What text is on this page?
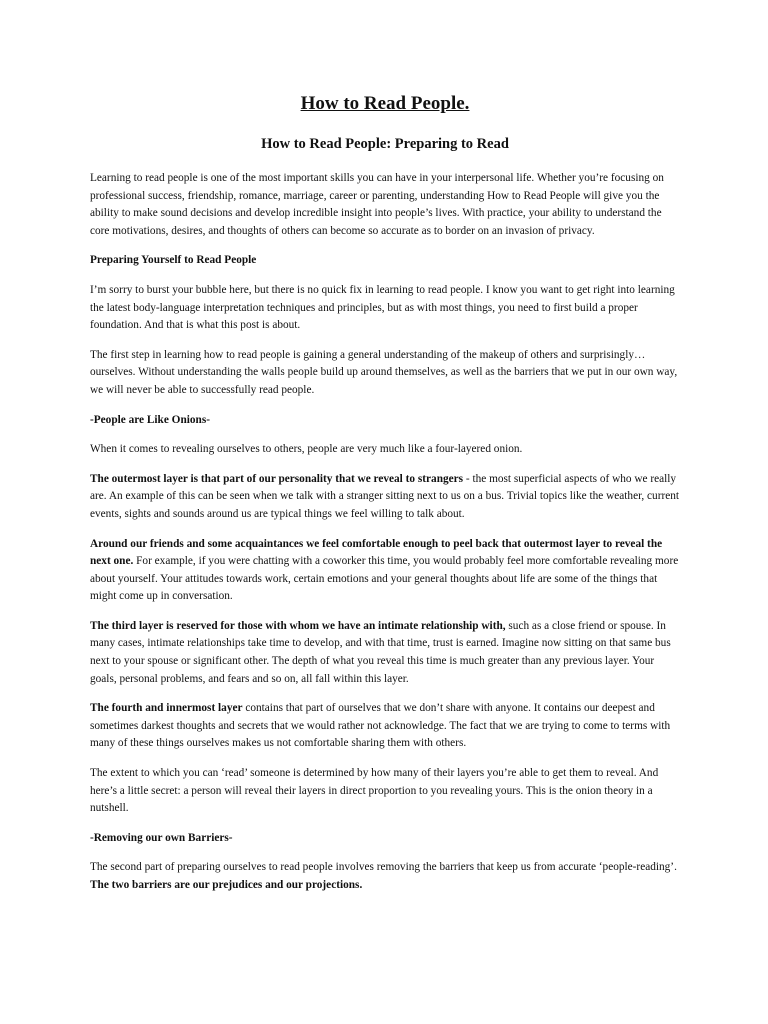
How to Read People.
How to Read People: Preparing to Read

Learning to read people is one of the most important skills you can have in your interpersonal life. Whether you’re focusing on professional success, friendship, romance, marriage, career or parenting, understanding How to Read People will give you the ability to make sound decisions and develop incredible insight into people’s lives. With practice, your ability to understand the core motivations, desires, and thoughts of others can become so accurate as to border on an invasion of privacy.

Preparing Yourself to Read People

I’m sorry to burst your bubble here, but there is no quick fix in learning to read people. I know you want to get right into learning the latest body-language interpretation techniques and principles, but as with most things, you need to first build a proper foundation. And that is what this post is about.

The first step in learning how to read people is gaining a general understanding of the makeup of others and surprisingly… ourselves. Without understanding the walls people build up around themselves, as well as the barriers that we put in our own way, we will never be able to successfully read people.

-People are Like Onions-

When it comes to revealing ourselves to others, people are very much like a four-layered onion.

The outermost layer is that part of our personality that we reveal to strangers - the most superficial aspects of who we really are. An example of this can be seen when we talk with a stranger sitting next to us on a bus. Trivial topics like the weather, current events, sights and sounds around us are typical things we feel willing to talk about.

Around our friends and some acquaintances we feel comfortable enough to peel back that outermost layer to reveal the next one. For example, if you were chatting with a coworker this time, you would probably feel more comfortable revealing more about yourself. Your attitudes towards work, certain emotions and your general thoughts about life are some of the things that might come up in conversation.

The third layer is reserved for those with whom we have an intimate relationship with, such as a close friend or spouse. In many cases, intimate relationships take time to develop, and with that time, trust is earned. Imagine now sitting on that same bus next to your spouse or significant other. The depth of what you reveal this time is much greater than any previous layer. Your goals, personal problems, and fears and so on, all fall within this layer.

The fourth and innermost layer contains that part of ourselves that we don’t share with anyone. It contains our deepest and sometimes darkest thoughts and secrets that we would rather not acknowledge. The fact that we are trying to come to terms with many of these things ourselves makes us not comfortable sharing them with others.

The extent to which you can ‘read’ someone is determined by how many of their layers you’re able to get them to reveal. And here’s a little secret: a person will reveal their layers in direct proportion to you revealing yours. This is the onion theory in a nutshell.

-Removing our own Barriers-

The second part of preparing ourselves to read people involves removing the barriers that keep us from accurate ‘people-reading’. The two barriers are our prejudices and our projections.
